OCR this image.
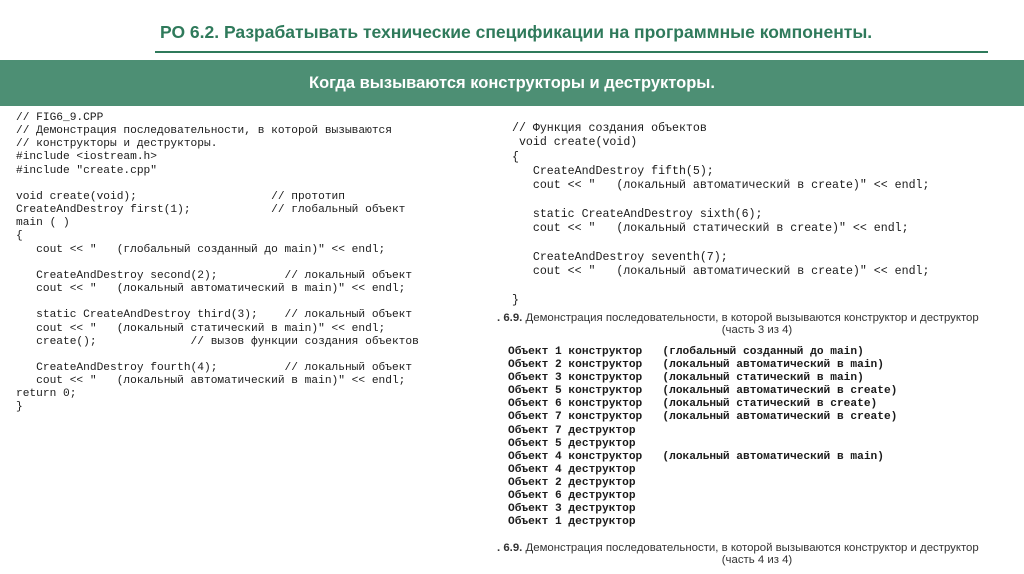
РО 6.2. Разрабатывать технические спецификации на программные компоненты.
Когда вызываются конструкторы и деструкторы.
// FIG6_9.CPP
// Демонстрация последовательности, в которой вызываются
// конструкторы и деструкторы.
#include <iostream.h>
#include "create.cpp"

void create(void);                    // прототип
CreateAndDestroy first(1);            // глобальный объект
main ( )
{
cout << "   (глобальный созданный до main)" << endl;

CreateAndDestroy second(2);          // локальный объект
cout << "   (локальный автоматический в main)" << endl;

static CreateAndDestroy third(3);    // локальный объект
cout << "   (локальный статический в main)" << endl;
create();              // вызов функции создания объектов

CreateAndDestroy fourth(4);          // локальный объект
cout << "   (локальный автоматический в main)" << endl;
return 0;
}
// Функция создания объектов
void create(void)
{
CreateAndDestroy fifth(5);
cout << "   (локальный автоматический в create)" << endl;

static CreateAndDestroy sixth(6);
cout << "   (локальный статический в create)" << endl;

CreateAndDestroy seventh(7);
cout << "   (локальный автоматический в create)" << endl;

}
. 6.9. Демонстрация последовательности, в которой вызываются конструктор и деструктор
(часть 3 из 4)
Объект 1 конструктор   (глобальный созданный до main)
Объект 2 конструктор   (локальный автоматический в main)
Объект 3 конструктор   (локальный статический в main)
Объект 5 конструктор   (локальный автоматический в create)
Объект 6 конструктор   (локальный статический в create)
Объект 7 конструктор   (локальный автоматический в create)
Объект 7 деструктор
Объект 5 деструктор
Объект 4 конструктор   (локальный автоматический в main)
Объект 4 деструктор
Объект 2 деструктор
Объект 6 деструктор
Объект 3 деструктор
Объект 1 деструктор
. 6.9. Демонстрация последовательности, в которой вызываются конструктор и деструктор
(часть 4 из 4)
